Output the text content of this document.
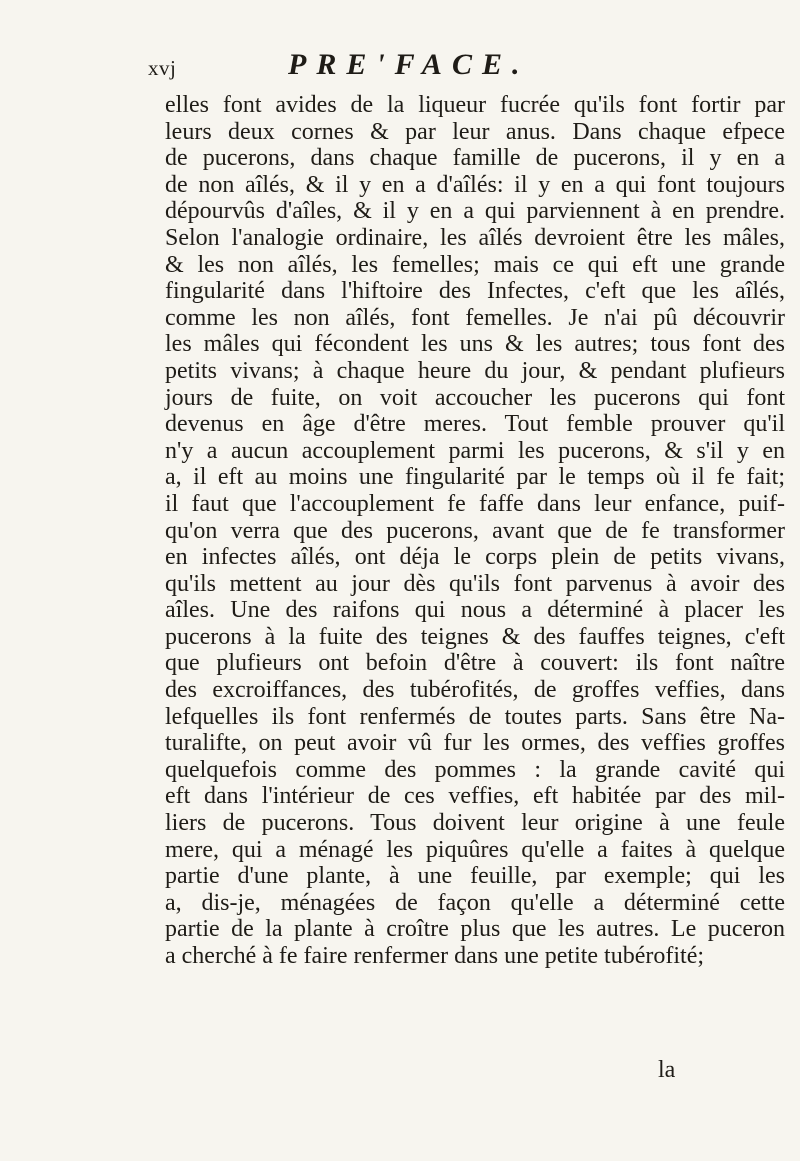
xvj	PRE'FACE.
elles font avides de la liqueur fucrée qu'ils font fortir par
leurs deux cornes & par leur anus. Dans chaque efpece
de pucerons, dans chaque famille de pucerons, il y en a
de non aîlés, & il y en a d'aîlés: il y en a qui font toujours
dépourvûs d'aîles, & il y en a qui parviennent à en prendre.
Selon l'analogie ordinaire, les aîlés devroient être les mâles,
& les non aîlés, les femelles; mais ce qui eft une grande
fingularité dans l'hiftoire des Infectes, c'eft que les aîlés,
comme les non aîlés, font femelles. Je n'ai pû découvrir
les mâles qui fécondent les uns & les autres; tous font des
petits vivans; à chaque heure du jour, & pendant plufieurs
jours de fuite, on voit accoucher les pucerons qui font
devenus en âge d'être meres. Tout femble prouver qu'il
n'y a aucun accouplement parmi les pucerons, & s'il y en
a, il eft au moins une fingularité par le temps où il fe fait;
il faut que l'accouplement fe faffe dans leur enfance, puif-
qu'on verra que des pucerons, avant que de fe transformer
en infectes aîlés, ont déja le corps plein de petits vivans,
qu'ils mettent au jour dès qu'ils font parvenus à avoir des
aîles. Une des raifons qui nous a déterminé à placer les
pucerons à la fuite des teignes & des fauffes teignes, c'eft
que plufieurs ont befoin d'être à couvert: ils font naître
des excroiffances, des tubérofités, de groffes veffies, dans
lefquelles ils font renfermés de toutes parts. Sans être Na-
turalifte, on peut avoir vû fur les ormes, des veffies groffes
quelquefois comme des pommes : la grande cavité qui
eft dans l'intérieur de ces veffies, eft habitée par des mil-
liers de pucerons. Tous doivent leur origine à une feule
mere, qui a ménagé les piquûres qu'elle a faites à quelque
partie d'une plante, à une feuille, par exemple; qui les
a, dis-je, ménagées de façon qu'elle a déterminé cette
partie de la plante à croître plus que les autres. Le puceron
a cherché à fe faire renfermer dans une petite tubérofité;
la
